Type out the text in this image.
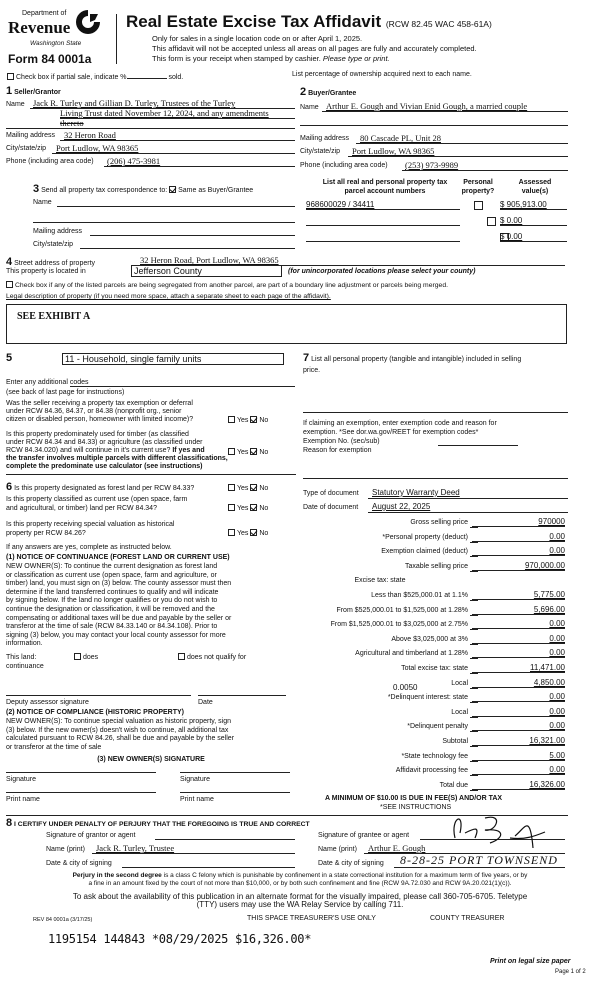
Department of
Revenue
Washington State
Form 84 0001a
Real Estate Excise Tax Affidavit (RCW 82.45 WAC 458-61A)
Only for sales in a single location code on or after April 1, 2025.
This affidavit will not be accepted unless all areas on all pages are fully and accurately completed.
This form is your receipt when stamped by cashier. Please type or print.
Check box if partial sale, indicate %	sold.	List percentage of ownership acquired next to each name.
1 Seller/Grantor
Name Jack R. Turley and Gillian D. Turley, Trustees of the Turley
Living Trust dated November 12, 2024, and any amendments
thereto
Mailing address 32 Heron Road
City/state/zip Port Ludlow, WA 98365
Phone (including area code) (206) 475-3981
2 Buyer/Grantee
Name Arthur E. Gough and Vivian Enid Gough, a married couple
Mailing address 80 Cascade PL, Unit 28
City/state/zip Port Ludlow, WA 98365
Phone (including area code) (253) 973-9989
3 Send all property tax correspondence to: Same as Buyer/Grantee
Name
Mailing address
City/state/zip
List all real and personal property tax
parcel account numbers
Personal
property?
Assessed
value(s)
968600029 / 34411
	$ 905,913.00

$ 0.00
$ 0.00
4 Street address of property	32 Heron Road, Port Ludlow, WA 98365
This property is located in	Jefferson County	(for unincorporated locations please select your county)
Check box if any of the listed parcels are being segregated from another parcel, are part of a boundary line adjustment or parcels being merged.
Legal description of property (if you need more space, attach a separate sheet to each page of the affidavit).
SEE EXHIBIT A
5	11 - Household, single family units
Enter any additional codes
(see back of last page for instructions)
Was the seller receiving a property tax exemption or deferral
under RCW 84.36, 84.37, or 84.38 (nonprofit org., senior
citizen or disabled person, homeowner with limited income)?	Yes No
Is this property predominately used for timber (as classified
under RCW 84.34 and 84.33) or agriculture (as classified under
RCW 84.34.020) and will continue in it's current use? If yes and
the transfer involves multiple parcels with different classifications,
complete the predominate use calculator (see instructions)
Yes No
6 Is this property designated as forest land per RCW 84.33?	Yes No
Is this property classified as current use (open space, farm
and agricultural, or timber) land per RCW 84.34?	Yes No
Is this property receiving special valuation as historical
property per RCW 84.26?	Yes No
If any answers are yes, complete as instructed below.
(1) NOTICE OF CONTINUANCE (FOREST LAND OR CURRENT USE)
NEW OWNER(S): To continue the current designation as forest land
or classification as current use (open space, farm and agriculture, or
timber) land, you must sign on (3) below. The county assessor must then
determine if the land transferred continues to qualify and will indicate
by signing below. If the land no longer qualifies or you do not wish to
continue the designation or classification, it will be removed and the
compensating or additional taxes will be due and payable by the seller or
transferor at the time of sale (RCW 84.33.140 or 84.34.108). Prior to
signing (3) below, you may contact your local county assessor for more
information.
This land:
continuance
does	does not qualify for
Deputy assessor signature	Date
(2) NOTICE OF COMPLIANCE (HISTORIC PROPERTY)
NEW OWNER(S): To continue special valuation as historic property, sign
(3) below. If the new owner(s) doesn't wish to continue, all additional tax
calculated pursuant to RCW 84.26, shall be due and payable by the seller
or transferor at the time of sale
(3) NEW OWNER(S) SIGNATURE
Signature	Signature
Print name	Print name
7 List all personal property (tangible and intangible) included in selling
price.
If claiming an exemption, enter exemption code and reason for
exemption. *See dor.wa.gov/REET for exemption codes*
Exemption No. (sec/sub)
Reason for exemption
Type of document Statutory Warranty Deed
Date of document August 22, 2025
Gross selling price	970000
*Personal property (deduct)	0.00
Exemption claimed (deduct)	0.00
Taxable selling price	970,000.00
Excise tax: state
Less than $525,000.01 at 1.1%	5,775.00
From $525,000.01 to $1,525,000 at 1.28%	5,696.00
From $1,525,000.01 to $3,025,000 at 2.75%	0.00
Above $3,025,000 at 3%	0.00
Agricultural and timberland at 1.28%	0.00
Total excise tax: state	11,471.00
Local	4,850.00
*Delinquent interest: state	0.00
Local	0.00
*Delinquent penalty	0.00
Subtotal	16,321.00
*State technology fee	5.00
Affidavit processing fee	0.00
Total due	16,326.00
0.0050
A MINIMUM OF $10.00 IS DUE IN FEE(S) AND/OR TAX
*SEE INSTRUCTIONS
8 I CERTIFY UNDER PENALTY OF PERJURY THAT THE FOREGOING IS TRUE AND CORRECT
Signature of grantor or agent
Name (print) Jack R. Turley, Trustee
Date & city of signing
Signature of grantee or agent
Name (print) Arthur E. Gough
Date & city of signing 8-28-25 PORT TOWNSEND
Perjury in the second degree is a class C felony which is punishable by confinement in a state correctional institution for a maximum term of five years, or by
a fine in an amount fixed by the court of not more than $10,000, or by both such confinement and fine (RCW 9A.72.030 and RCW 9A.20.021(1)(c)).
To ask about the availability of this publication in an alternate format for the visually impaired, please call 360-705-6705. Teletype
(TTY) users may use the WA Relay Service by calling 711.
REV 84 0001a (3/17/25)	THIS SPACE TREASURER'S USE ONLY	COUNTY TREASURER
1195154 144843 *08/29/2025 $16,326.00*
Print on legal size paper
Page 1 of 2
